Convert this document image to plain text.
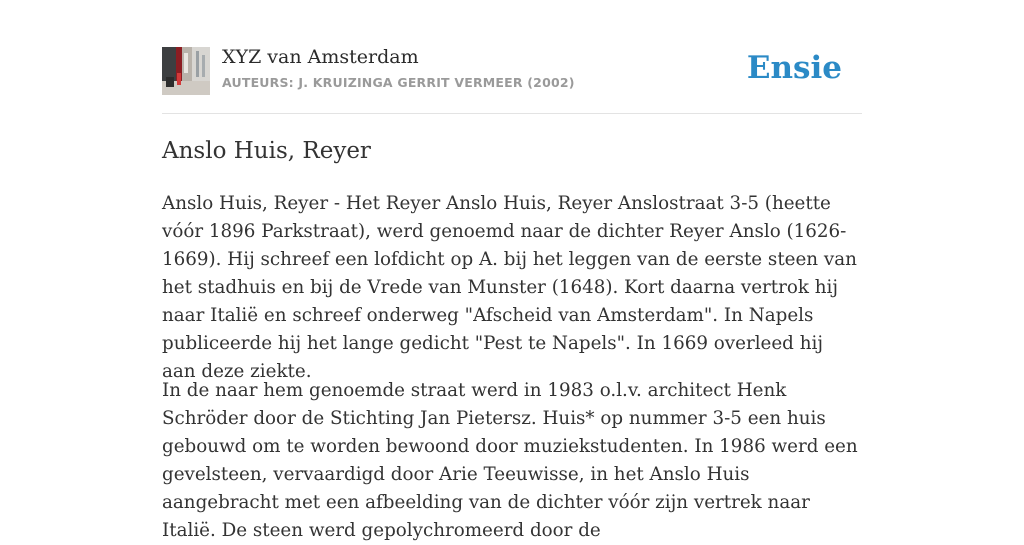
XYZ van Amsterdam
AUTEURS: J. KRUIZINGA GERRIT VERMEER (2002)	Ensie
Anslo Huis, Reyer

Anslo Huis, Reyer - Het Reyer Anslo Huis, Reyer Anslostraat 3-5 (heette vóór 1896 Parkstraat), werd genoemd naar de dichter Reyer Anslo (1626-1669). Hij schreef een lofdicht op A. bij het leggen van de eerste steen van het stadhuis en bij de Vrede van Munster (1648). Kort daarna vertrok hij naar Italië en schreef onderweg "Afscheid van Amsterdam". In Napels publiceerde hij het lange gedicht "Pest te Napels". In 1669 overleed hij aan deze ziekte.

In de naar hem genoemde straat werd in 1983 o.l.v. architect Henk Schröder door de Stichting Jan Pietersz. Huis* op nummer 3-5 een huis gebouwd om te worden bewoond door muziekstudenten. In 1986 werd een gevelsteen, vervaardigd door Arie Teeuwisse, in het Anslo Huis aangebracht met een afbeelding van de dichter vóór zijn vertrek naar Italië. De steen werd gepolychromeerd door de
